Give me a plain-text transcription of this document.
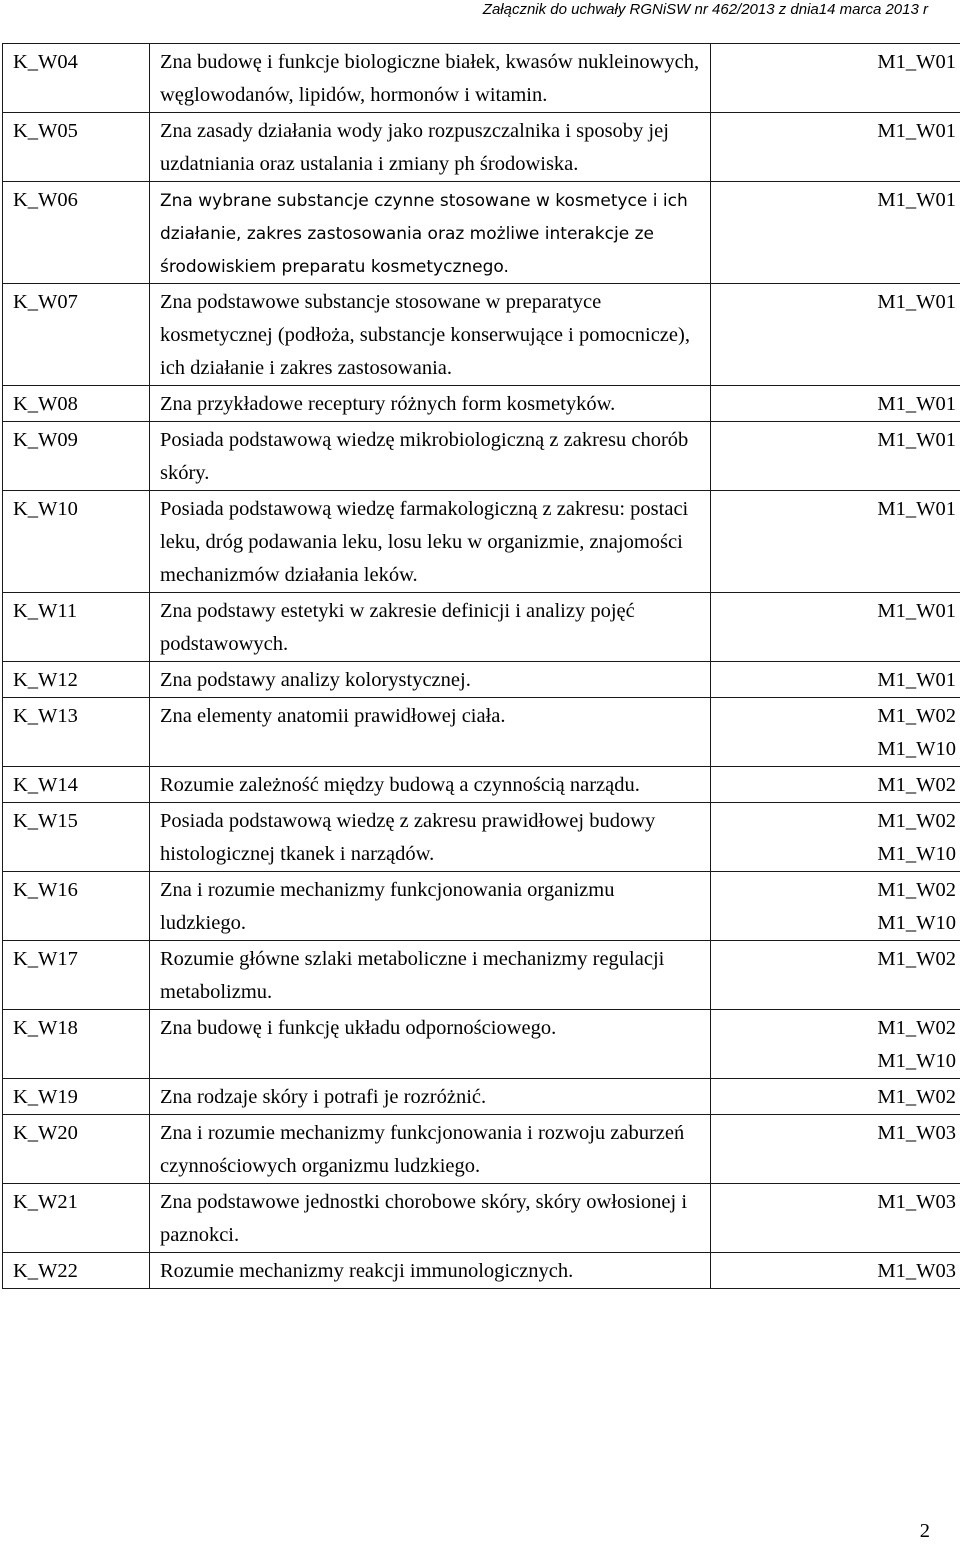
Załącznik do uchwały RGNiSW nr 462/2013 z dnia14 marca 2013 r
K_W04	Zna budowę i funkcje biologiczne białek, kwasów nukleinowych, węglowodanów, lipidów, hormonów i witamin.	M1_W01

K_W05	Zna zasady działania wody jako rozpuszczalnika i sposoby jej uzdatniania oraz ustalania i zmiany ph środowiska.	M1_W01

K_W06	Zna wybrane substancje czynne stosowane w kosmetyce i ich działanie, zakres zastosowania oraz możliwe interakcje ze środowiskiem preparatu kosmetycznego.	M1_W01

K_W07	Zna podstawowe substancje stosowane w preparatyce kosmetycznej (podłoża, substancje konserwujące i pomocnicze), ich działanie i zakres zastosowania.	M1_W01

K_W08	Zna przykładowe receptury różnych form kosmetyków.	M1_W01

K_W09	Posiada podstawową wiedzę mikrobiologiczną z zakresu chorób skóry.	M1_W01

K_W10	Posiada podstawową wiedzę farmakologiczną z zakresu: postaci leku, dróg podawania leku, losu leku w organizmie, znajomości mechanizmów działania leków.	M1_W01

K_W11	Zna podstawy estetyki w zakresie definicji i analizy pojęć podstawowych.	M1_W01

K_W12	Zna podstawy analizy kolorystycznej.	M1_W01

K_W13	Zna elementy anatomii prawidłowej ciała.	M1_W02
M1_W10

K_W14	Rozumie zależność między budową a czynnością narządu.	M1_W02

K_W15	Posiada podstawową wiedzę z zakresu prawidłowej budowy histologicznej tkanek i narządów.	M1_W02
M1_W10

K_W16	Zna i rozumie mechanizmy funkcjonowania organizmu ludzkiego.	M1_W02
M1_W10

K_W17	Rozumie główne szlaki metaboliczne i mechanizmy regulacji metabolizmu.	M1_W02

K_W18	Zna budowę i funkcję układu odpornościowego.	M1_W02
M1_W10

K_W19	Zna rodzaje skóry i potrafi je rozróżnić.	M1_W02

K_W20	Zna i rozumie mechanizmy funkcjonowania i rozwoju zaburzeń czynnościowych organizmu ludzkiego.	M1_W03

K_W21	Zna podstawowe jednostki chorobowe skóry, skóry owłosionej i paznokci.	M1_W03

K_W22	Rozumie mechanizmy reakcji immunologicznych.	M1_W03
2
